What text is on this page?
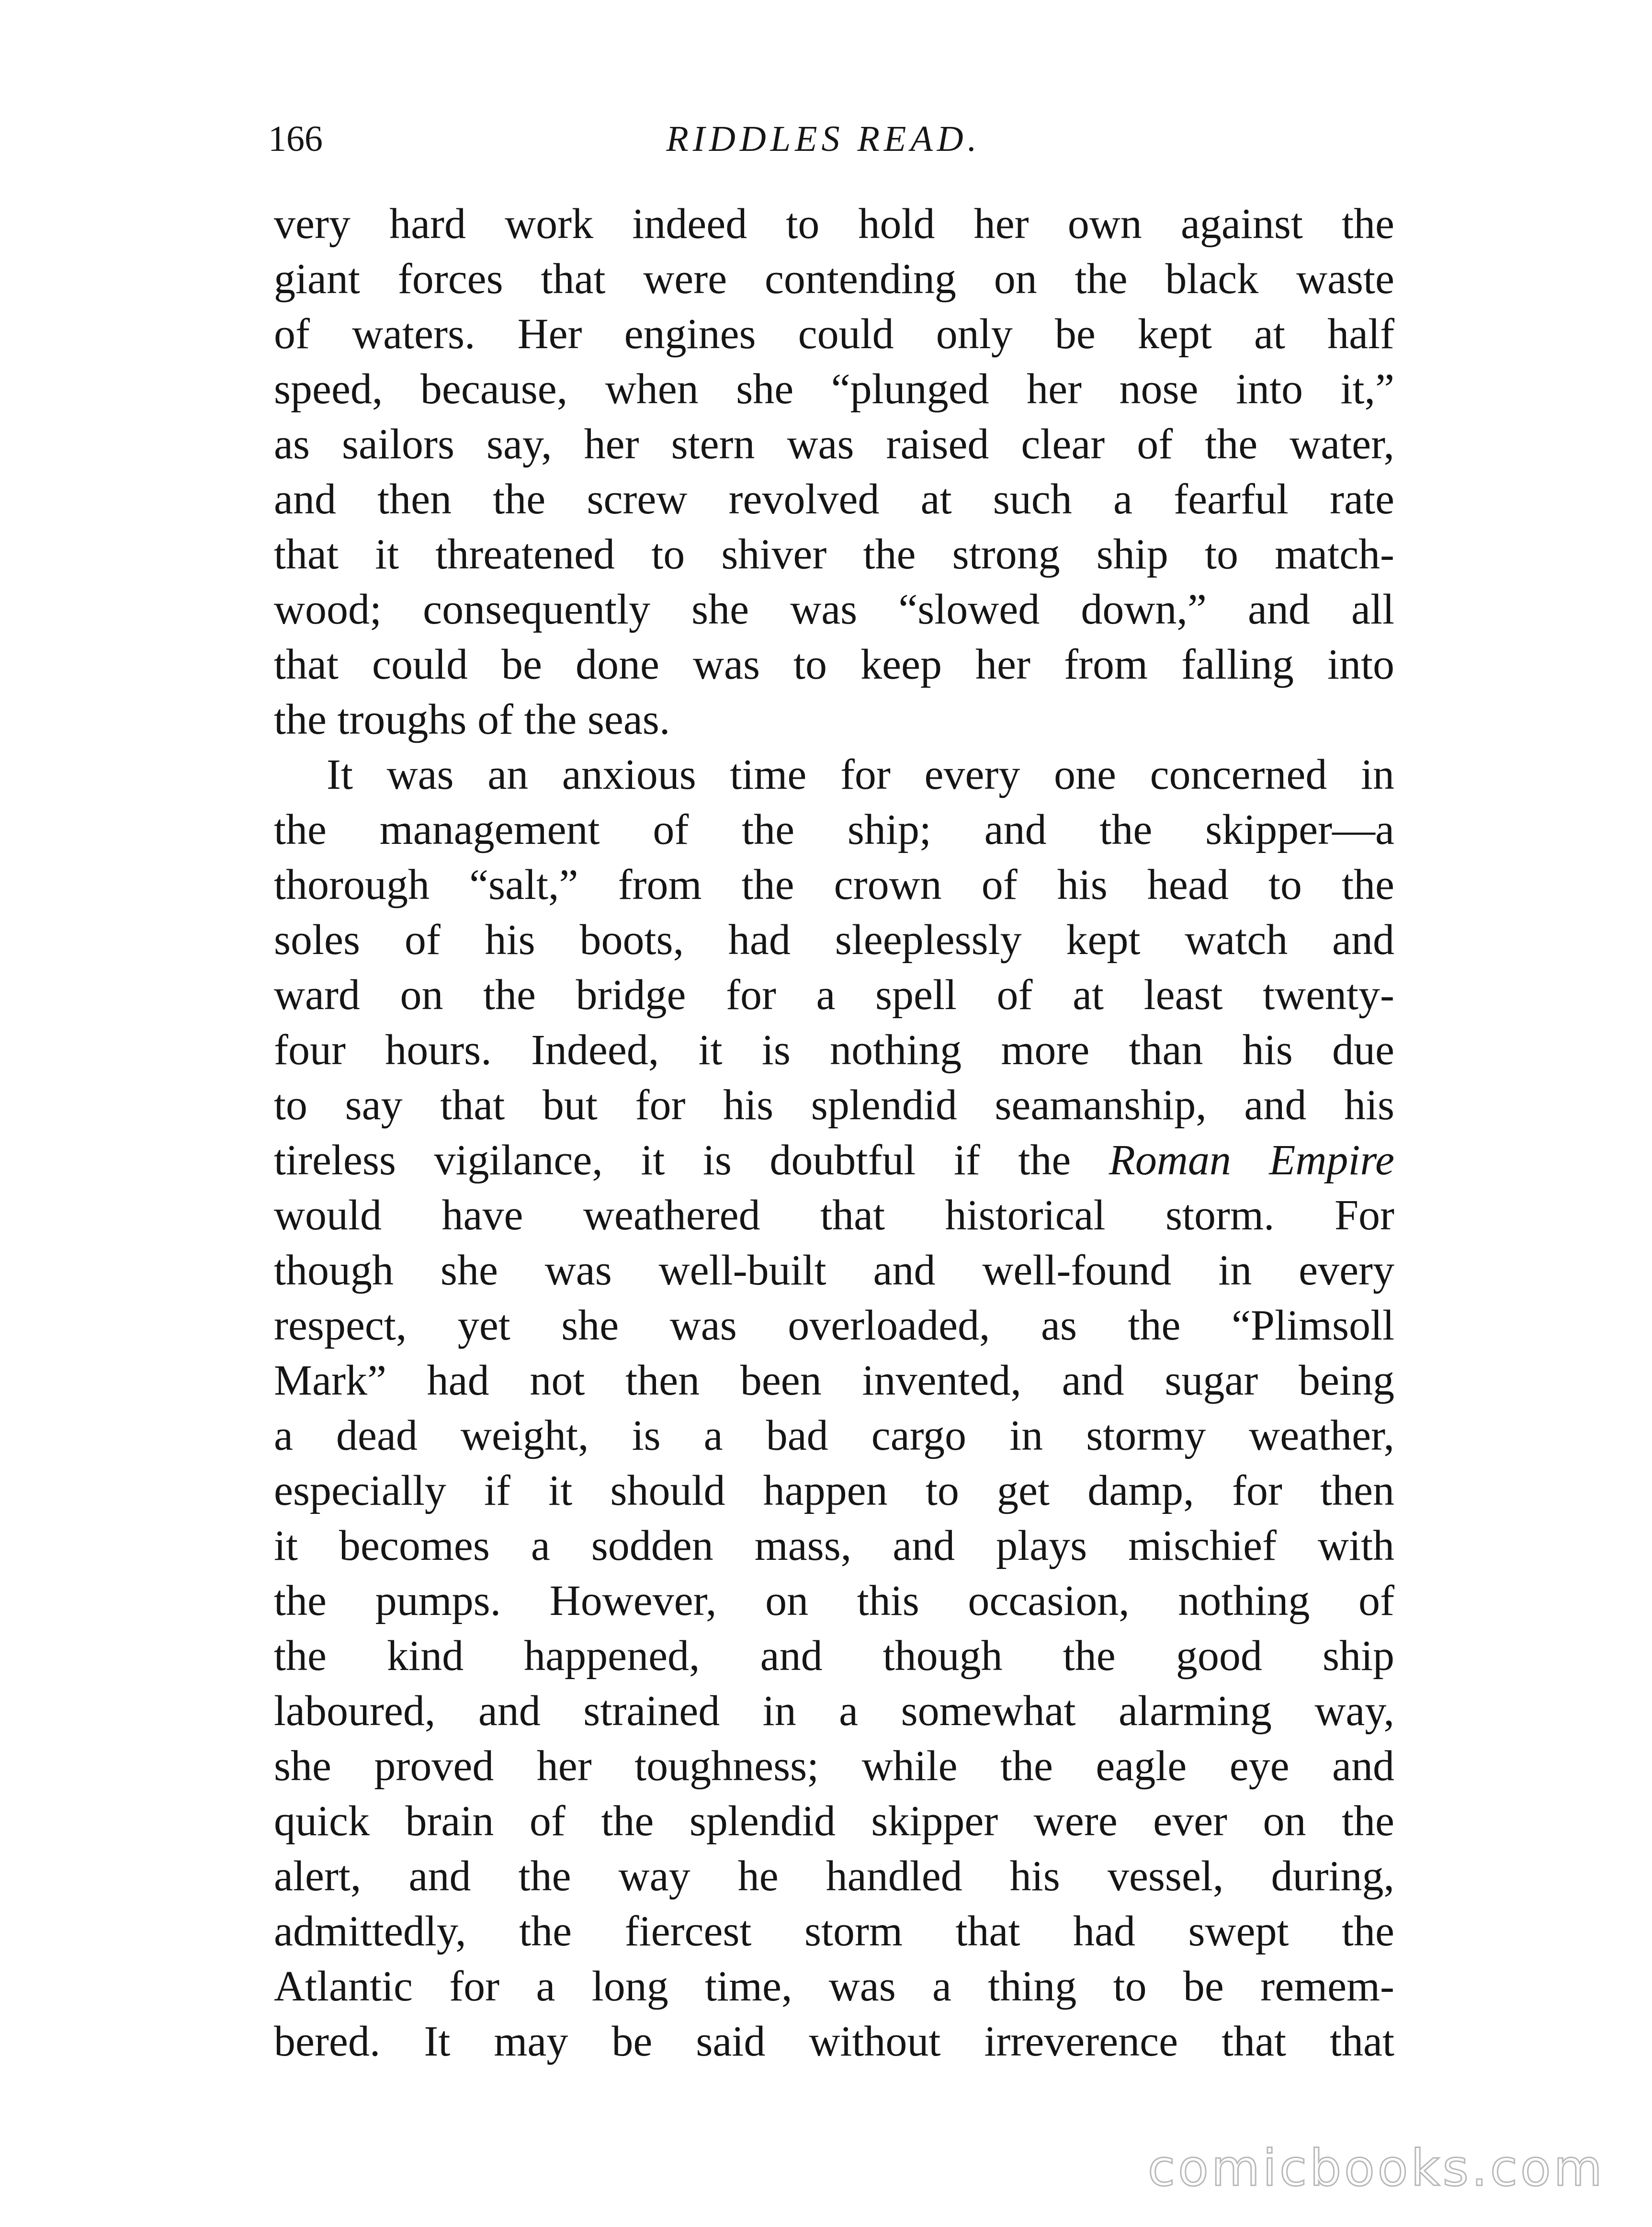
166	RIDDLES READ.
very hard work indeed to hold her own against the
giant forces that were contending on the black waste
of waters. Her engines could only be kept at half
speed, because, when she “plunged her nose into it,”
as sailors say, her stern was raised clear of the water,
and then the screw revolved at such a fearful rate
that it threatened to shiver the strong ship to match-
wood; consequently she was “slowed down,” and all
that could be done was to keep her from falling into
the troughs of the seas.
It was an anxious time for every one concerned in
the management of the ship; and the skipper—a
thorough “salt,” from the crown of his head to the
soles of his boots, had sleeplessly kept watch and
ward on the bridge for a spell of at least twenty-
four hours. Indeed, it is nothing more than his due
to say that but for his splendid seamanship, and his
tireless vigilance, it is doubtful if the Roman Empire
would have weathered that historical storm. For
though she was well-built and well-found in every
respect, yet she was overloaded, as the “Plimsoll
Mark” had not then been invented, and sugar being
a dead weight, is a bad cargo in stormy weather,
especially if it should happen to get damp, for then
it becomes a sodden mass, and plays mischief with
the pumps. However, on this occasion, nothing of
the kind happened, and though the good ship
laboured, and strained in a somewhat alarming way,
she proved her toughness; while the eagle eye and
quick brain of the splendid skipper were ever on the
alert, and the way he handled his vessel, during,
admittedly, the fiercest storm that had swept the
Atlantic for a long time, was a thing to be remem-
bered. It may be said without irreverence that that
comicbooks.com
